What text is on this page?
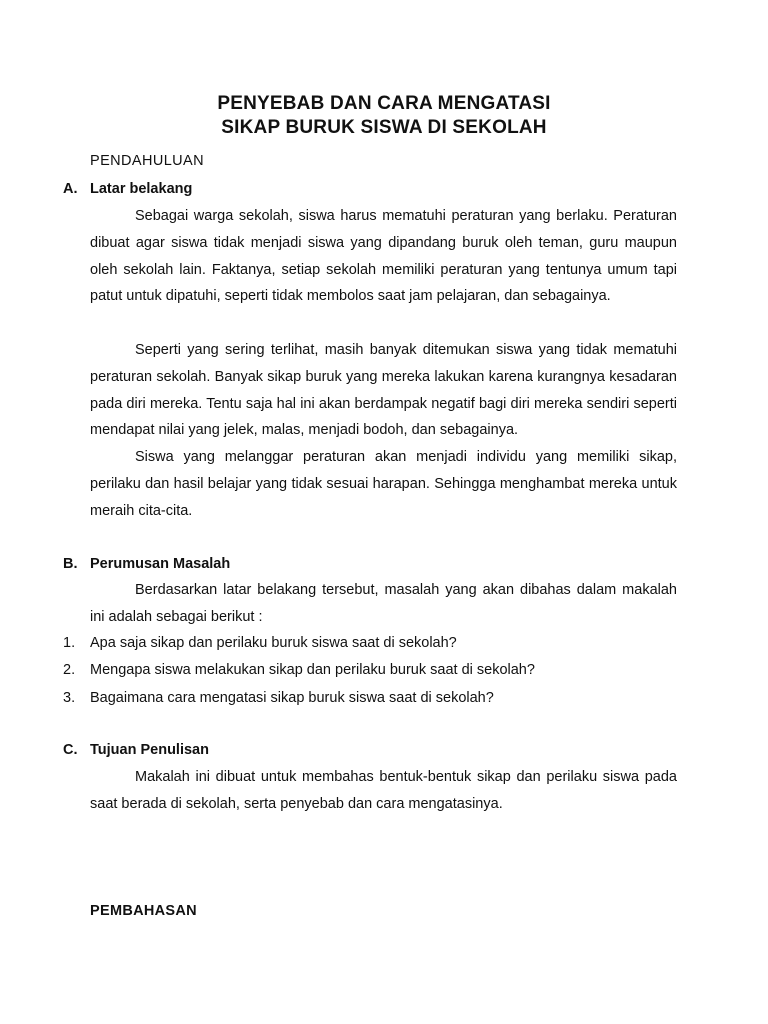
PENYEBAB DAN CARA MENGATASI
SIKAP BURUK SISWA DI SEKOLAH
PENDAHULUAN
A. Latar belakang

Sebagai warga sekolah, siswa harus mematuhi peraturan yang berlaku. Peraturan dibuat agar siswa tidak menjadi siswa yang dipandang buruk oleh teman, guru maupun oleh sekolah lain. Faktanya, setiap sekolah memiliki peraturan yang tentunya umum tapi patut untuk dipatuhi, seperti tidak membolos saat jam pelajaran, dan sebagainya.

Seperti yang sering terlihat, masih banyak ditemukan siswa yang tidak mematuhi peraturan sekolah. Banyak sikap buruk yang mereka lakukan karena kurangnya kesadaran pada diri mereka. Tentu saja hal ini akan berdampak negatif bagi diri mereka sendiri seperti mendapat nilai yang jelek, malas, menjadi bodoh, dan sebagainya.

Siswa yang melanggar peraturan akan menjadi individu yang memiliki sikap, perilaku dan hasil belajar yang tidak sesuai harapan. Sehingga menghambat mereka untuk meraih cita-cita.

B. Perumusan Masalah

Berdasarkan latar belakang tersebut, masalah yang akan dibahas dalam makalah ini adalah sebagai berikut :

1. Apa saja sikap dan perilaku buruk siswa saat di sekolah?
2. Mengapa siswa melakukan sikap dan perilaku buruk saat di sekolah?
3. Bagaimana cara mengatasi sikap buruk siswa saat di sekolah?
C. Tujuan Penulisan

Makalah ini dibuat untuk membahas bentuk-bentuk sikap dan perilaku siswa pada saat berada di sekolah, serta penyebab dan cara mengatasinya.

PEMBAHASAN
